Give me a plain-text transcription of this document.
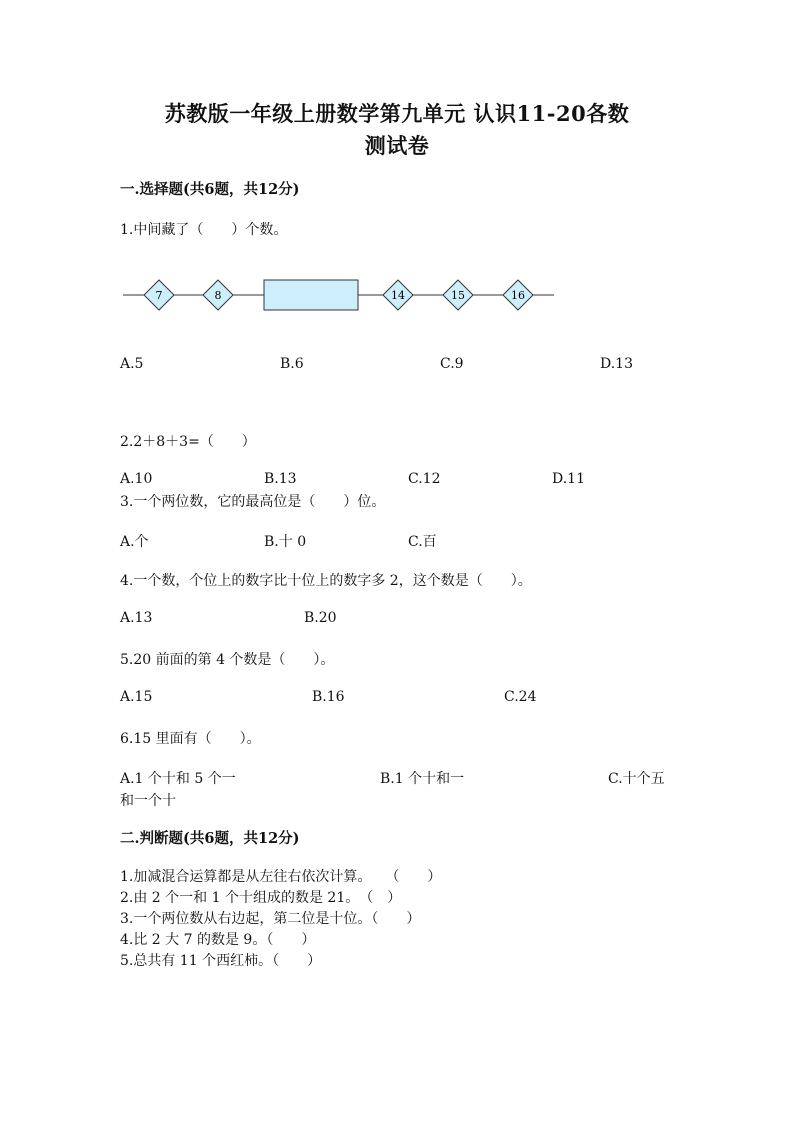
苏教版一年级上册数学第九单元 认识11-20各数
测试卷
一.选择题(共6题，共12分)
1.中间藏了（　　）个数。
7	8	14	15	16
A.5	B.6	C.9	D.13
2.2＋8＋3=（　　）
A.10	B.13	C.12	D.11
3.一个两位数，它的最高位是（　　）位。
A.个	B.十 0	C.百
4.一个数，个位上的数字比十位上的数字多 2，这个数是（　　）。
A.13	B.20
5.20 前面的第 4 个数是（　　）。
A.15	B.16	C.24
6.15 里面有（　　）。
A.1 个十和 5 个一	B.1 个十和一	C.十个五
和一个十
二.判断题(共6题，共12分)
1.加减混合运算都是从左往右依次计算。　　（　　）
2.由 2 个一和 1 个十组成的数是 21。　（　）
3.一个两位数从右边起，第二位是十位。（　　）
4.比 2 大 7 的数是 9。（　　）
5.总共有 11 个西红柿。（　　）
